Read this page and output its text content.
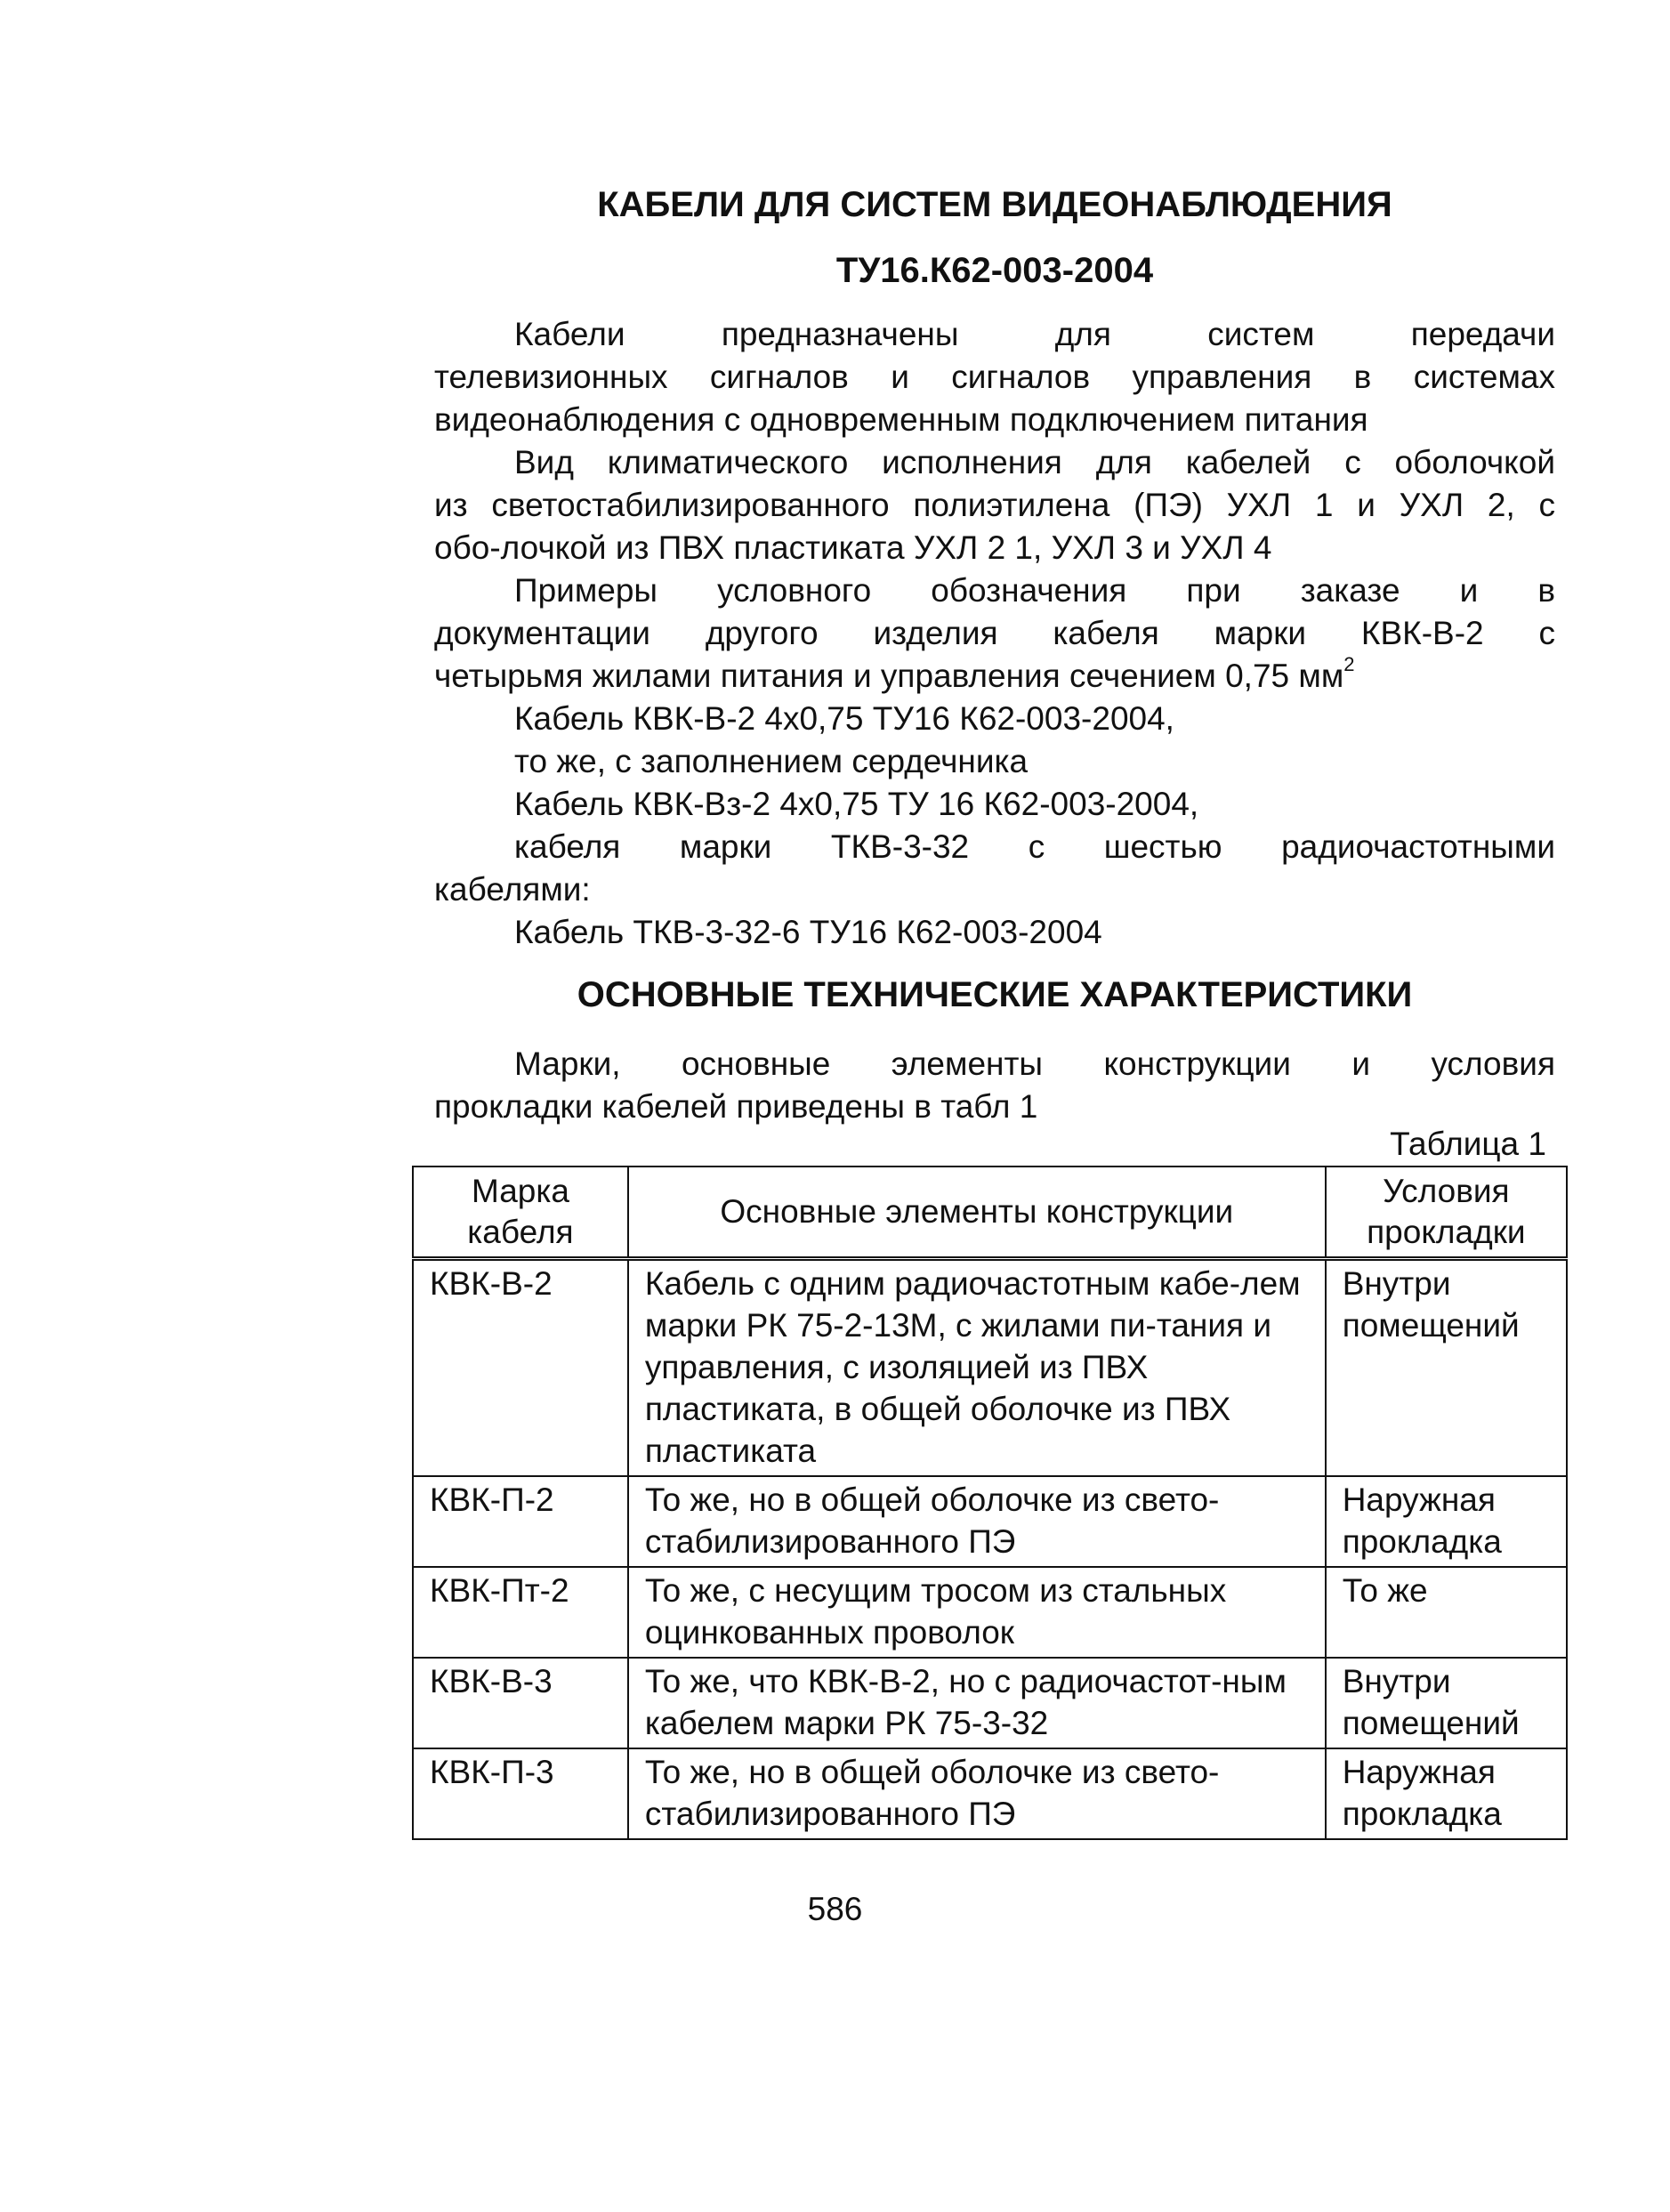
КАБЕЛИ ДЛЯ СИСТЕМ ВИДЕОНАБЛЮДЕНИЯ
ТУ16.К62-003-2004
Кабели предназначены для систем передачи
телевизионных сигналов и сигналов управления в системах
видеонаблюдения с одновременным подключением питания
Вид климатического исполнения для кабелей с оболочкой
из светостабилизированного полиэтилена (ПЭ) УХЛ 1 и УХЛ 2, с
обо-лочкой из ПВХ пластиката УХЛ 2 1, УХЛ 3 и УХЛ 4
Примеры условного обозначения при заказе и в
документации другого изделия кабеля марки КВК-В-2 с
четырьмя жилами питания и управления сечением 0,75 $мм^2$
Кабель КВК-В-2 4х0,75 ТУ16 К62-003-2004,
то же, с заполнением сердечника
Кабель КВК-Вз-2 4х0,75 ТУ 16 К62-003-2004,
кабеля марки ТКВ-3-32 с шестью радиочастотными
кабелями:
Кабель ТКВ-3-32-6 ТУ16 К62-003-2004
ОСНОВНЫЕ ТЕХНИЧЕСКИЕ ХАРАКТЕРИСТИКИ
Марки, основные элементы конструкции и условия
прокладки кабелей приведены в табл 1
Таблица 1
Марка кабеля	Основные элементы конструкции	Условия прокладки
КВК-В-2	Кабель с одним радиочастотным кабе-лем марки РК 75-2-13М, с жилами пи-тания и управления, с изоляцией из ПВХ пластиката, в общей оболочке из ПВХ пластиката	Внутри помещений
КВК-П-2	То же, но в общей оболочке из свето-стабилизированного ПЭ	Наружная прокладка
КВК-Пт-2	То же, с несущим тросом из стальных оцинкованных проволок	То же
КВК-В-3	То же, что КВК-В-2, но с радиочастот-ным кабелем марки РК 75-3-32	Внутри помещений
КВК-П-3	То же, но в общей оболочке из свето-стабилизированного ПЭ	Наружная прокладка
586
